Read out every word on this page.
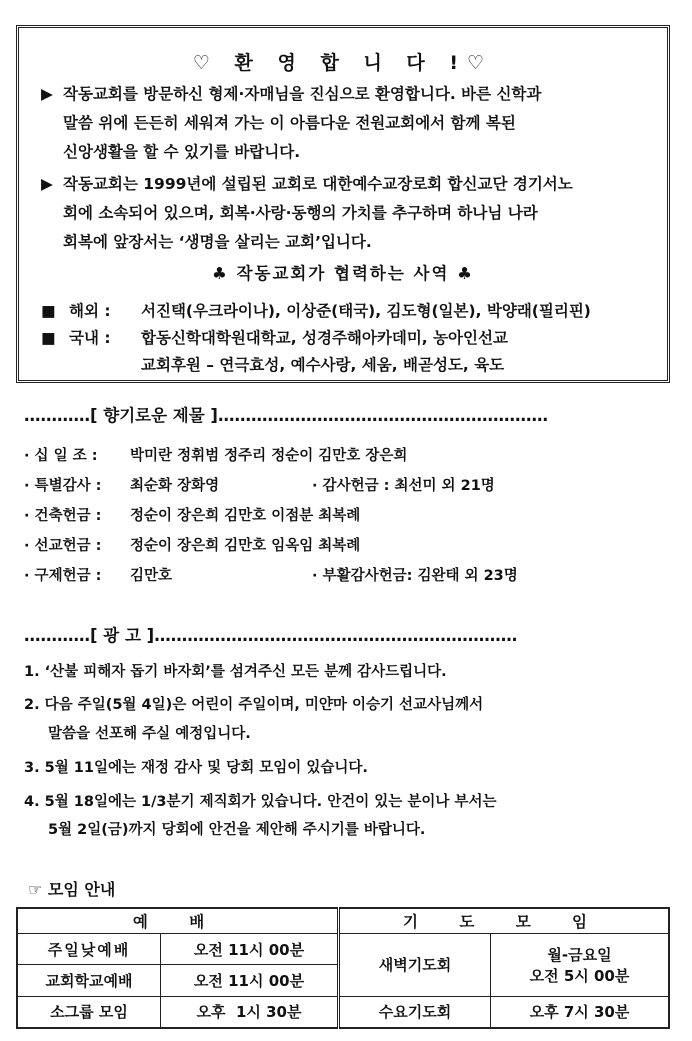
♡ 환 영 합 니 다 !♡
▶ 작동교회를 방문하신 형제·자매님을 진심으로 환영합니다. 바른 신학과
말씀 위에 든든히 세워져 가는 이 아름다운 전원교회에서 함께 복된
신앙생활을 할 수 있기를 바랍니다.
▶ 작동교회는 1999년에 설립된 교회로 대한예수교장로회 합신교단 경기서노
회에 소속되어 있으며, 회복·사랑·동행의 가치를 추구하며 하나님 나라
회복에 앞장서는 ‘생명을 살리는 교회’입니다.
♣ 작동교회가 협력하는 사역 ♣
■ 해외 : 서진택(우크라이나), 이상준(태국), 김도형(일본), 박양래(필리핀)
■ 국내 : 합동신학대학원대학교, 성경주해아카데미, 농아인선교
교회후원 – 연극효성, 예수사랑, 세움, 배곧성도, 육도
…………[ 향기로운 제물 ]……………………………………………………
· 십 일 조 : 박미란 정휘범 정주리 정순이 김만호 장은희
· 특별감사 : 최순화 장화영	· 감사헌금 : 최선미 외 21명
· 건축헌금 : 정순이 장은희 김만호 이점분 최복례
· 선교헌금 : 정순이 장은희 김만호 임옥임 최복례
· 구제헌금 : 김만호	· 부활감사헌금: 김완태 외 23명
…………[ 광 고 ]…………………………………………………………
1. ‘산불 피해자 돕기 바자회’를 섬겨주신 모든 분께 감사드립니다.
2. 다음 주일(5월 4일)은 어린이 주일이며, 미얀마 이승기 선교사님께서
말씀을 선포해 주실 예정입니다.
3. 5월 11일에는 재정 감사 및 당회 모임이 있습니다.
4. 5월 18일에는 1/3분기 제직회가 있습니다. 안건이 있는 분이나 부서는
5월 2일(금)까지 당회에 안건을 제안해 주시기를 바랍니다.
☞ 모임 안내
예 배		기 도 모 임	
주일낮예배	오전 11시 00분	새벽기도회	월-금요일
오전 5시 00분

교회학교예배	오전 11시 00분		
소그룹 모임	오후  1시 30분	수요기도회	오후 7시 30분
